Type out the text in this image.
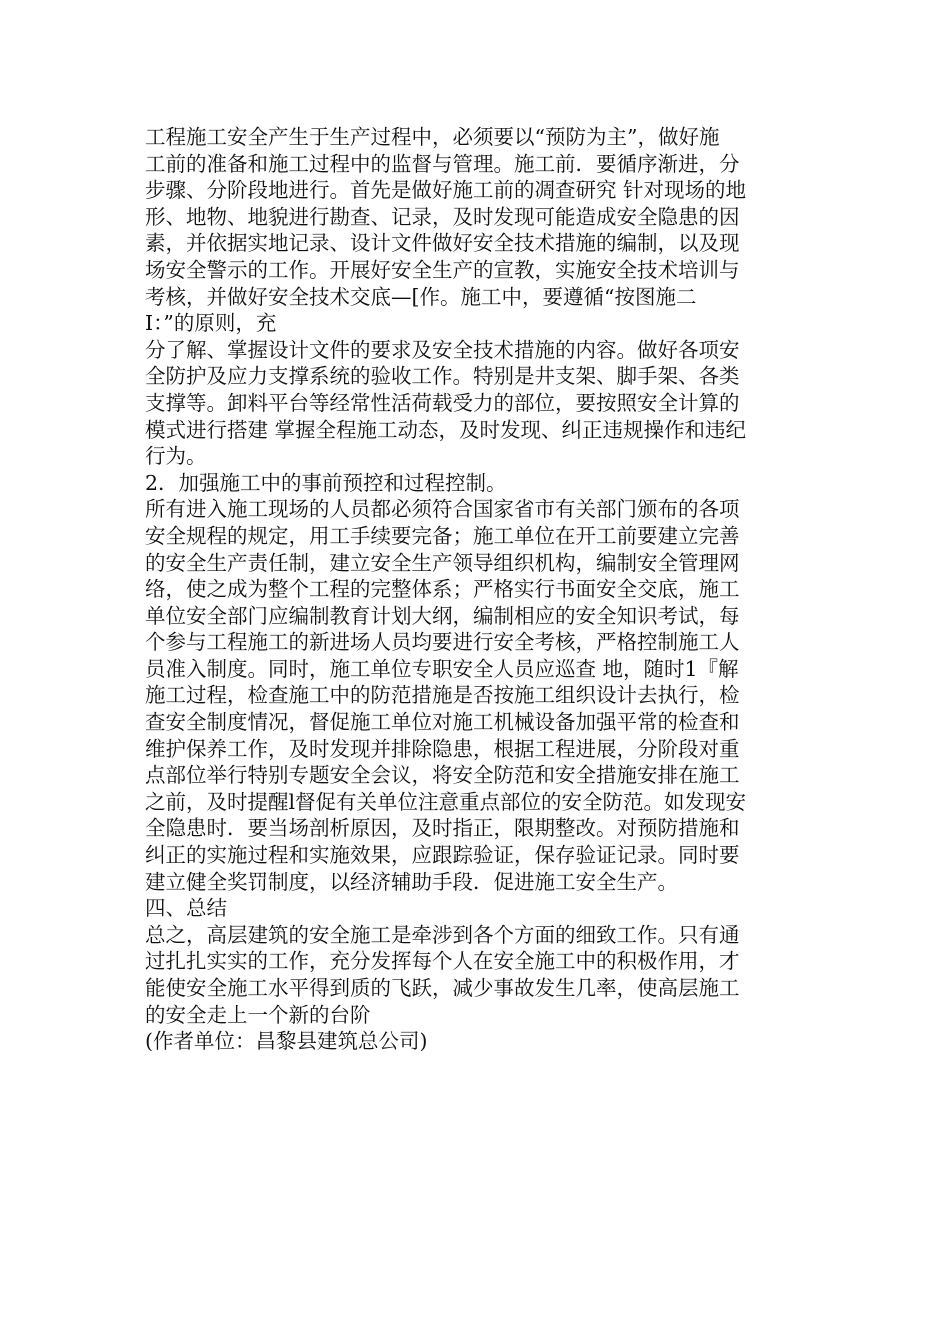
工程施工安全产生于生产过程中，必须要以“预防为主”，做好施
工前的准备和施工过程中的监督与管理。施工前．要循序渐进，分
步骤、分阶段地进行。首先是做好施工前的凋查研究 针对现场的地
形、地物、地貌进行勘查、记录，及时发现可能造成安全隐患的因
素，并依据实地记录、设计文件做好安全技术措施的编制，以及现
场安全警示的工作。开展好安全生产的宣教，实施安全技术培训与
考核，并做好安全技术交底—[作。施工中，要遵循“按图施二
I：”的原则，充
分了解、掌握设计文件的要求及安全技术措施的内容。做好各项安
全防护及应力支撑系统的验收工作。特别是井支架、脚手架、各类
支撑等。卸料平台等经常性活荷载受力的部位，要按照安全计算的
模式进行搭建 掌握全程施工动态，及时发现、纠正违规操作和违纪
行为。
2．加强施工中的事前预控和过程控制。
所有进入施工现场的人员都必须符合国家省市有关部门颁布的各项
安全规程的规定，用工手续要完备；施工单位在开工前要建立完善
的安全生产责任制，建立安全生产领导组织机构，编制安全管理网
络，使之成为整个工程的完整体系；严格实行书面安全交底，施工
单位安全部门应编制教育计划大纲，编制相应的安全知识考试，每
个参与工程施工的新进场人员均要进行安全考核，严格控制施工人
员准入制度。同时，施工单位专职安全人员应巡查 地，随时1『解
施工过程，检查施工中的防范措施是否按施工组织设计去执行，检
查安全制度情况，督促施工单位对施工机械设备加强平常的检查和
维护保养工作，及时发现并排除隐患，根据工程进展，分阶段对重
点部位举行特别专题安全会议，将安全防范和安全措施安排在施工
之前，及时提醒l督促有关单位注意重点部位的安全防范。如发现安
全隐患时．要当场剖析原因，及时指正，限期整改。对预防措施和
纠正的实施过程和实施效果，应跟踪验证，保存验证记录。同时要
建立健全奖罚制度，以经济辅助手段．促进施工安全生产。
四、总结
总之，高层建筑的安全施工是牵涉到各个方面的细致工作。只有通
过扎扎实实的工作，充分发挥每个人在安全施工中的积极作用，才
能使安全施工水平得到质的飞跃，减少事故发生几率，使高层施工
的安全走上一个新的台阶
(作者单位：昌黎县建筑总公司)
